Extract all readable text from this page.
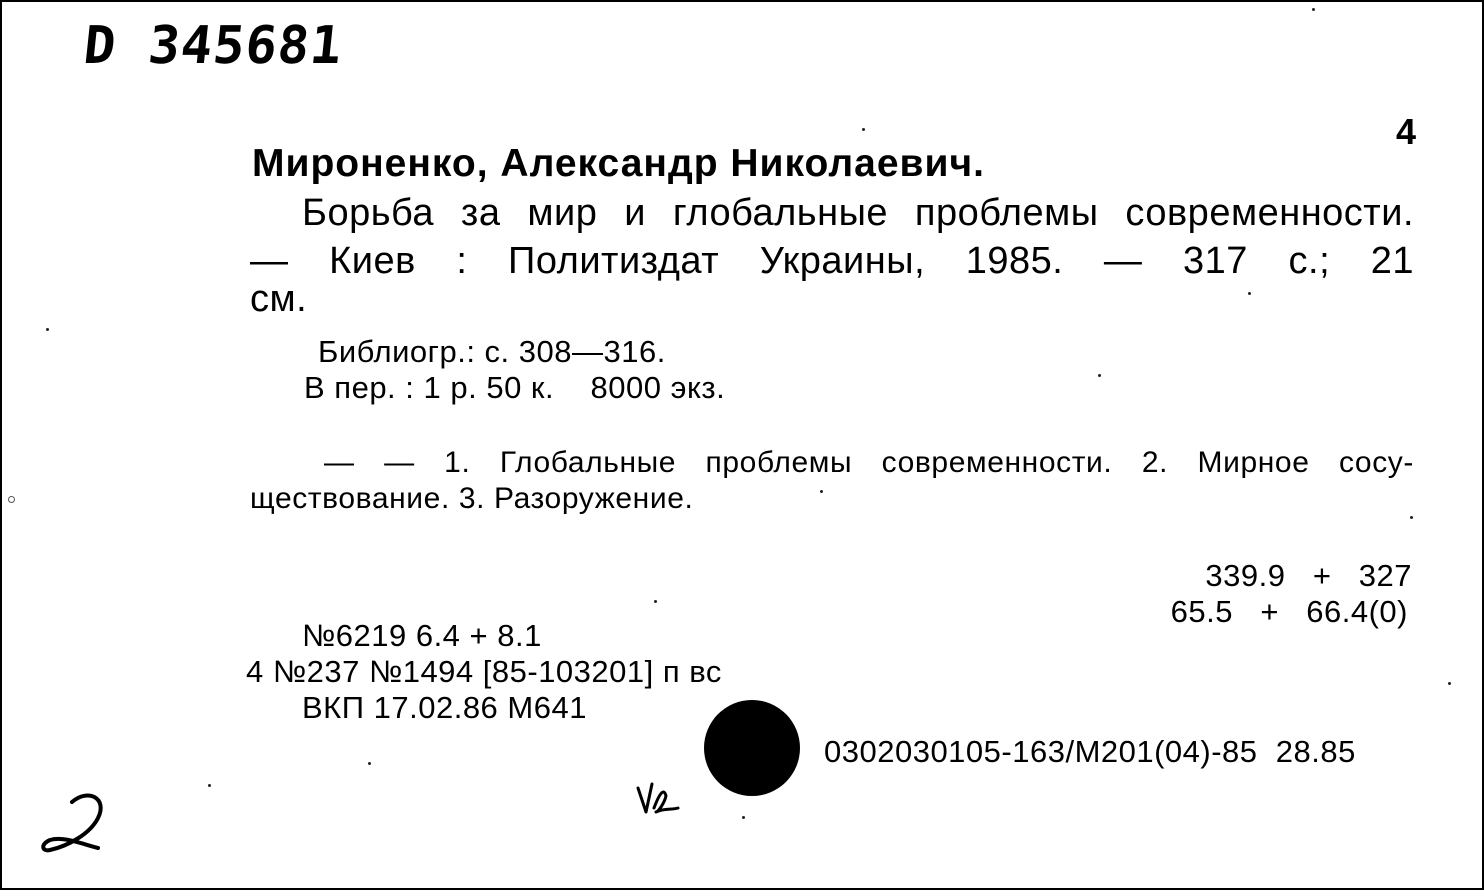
D 345681
4
Мироненко, Александр Николаевич.
Борьба за мир и глобальные проблемы современности.
— Киев : Политиздат Украины, 1985. — 317 с.; 21
см.
Библиогр.: с. 308—316.
В пер. : 1 р. 50 к.    8000 экз.
— — 1. Глобальные проблемы современности. 2. Мирное сосу-
ществование. 3. Разоружение.
339.9   +   327
65.5   +   66.4(0)
№6219 6.4 + 8.1
4 №237 №1494 [85-103201] п вс
ВКП 17.02.86 М641
0302030105-163/М201(04)-85  28.85
